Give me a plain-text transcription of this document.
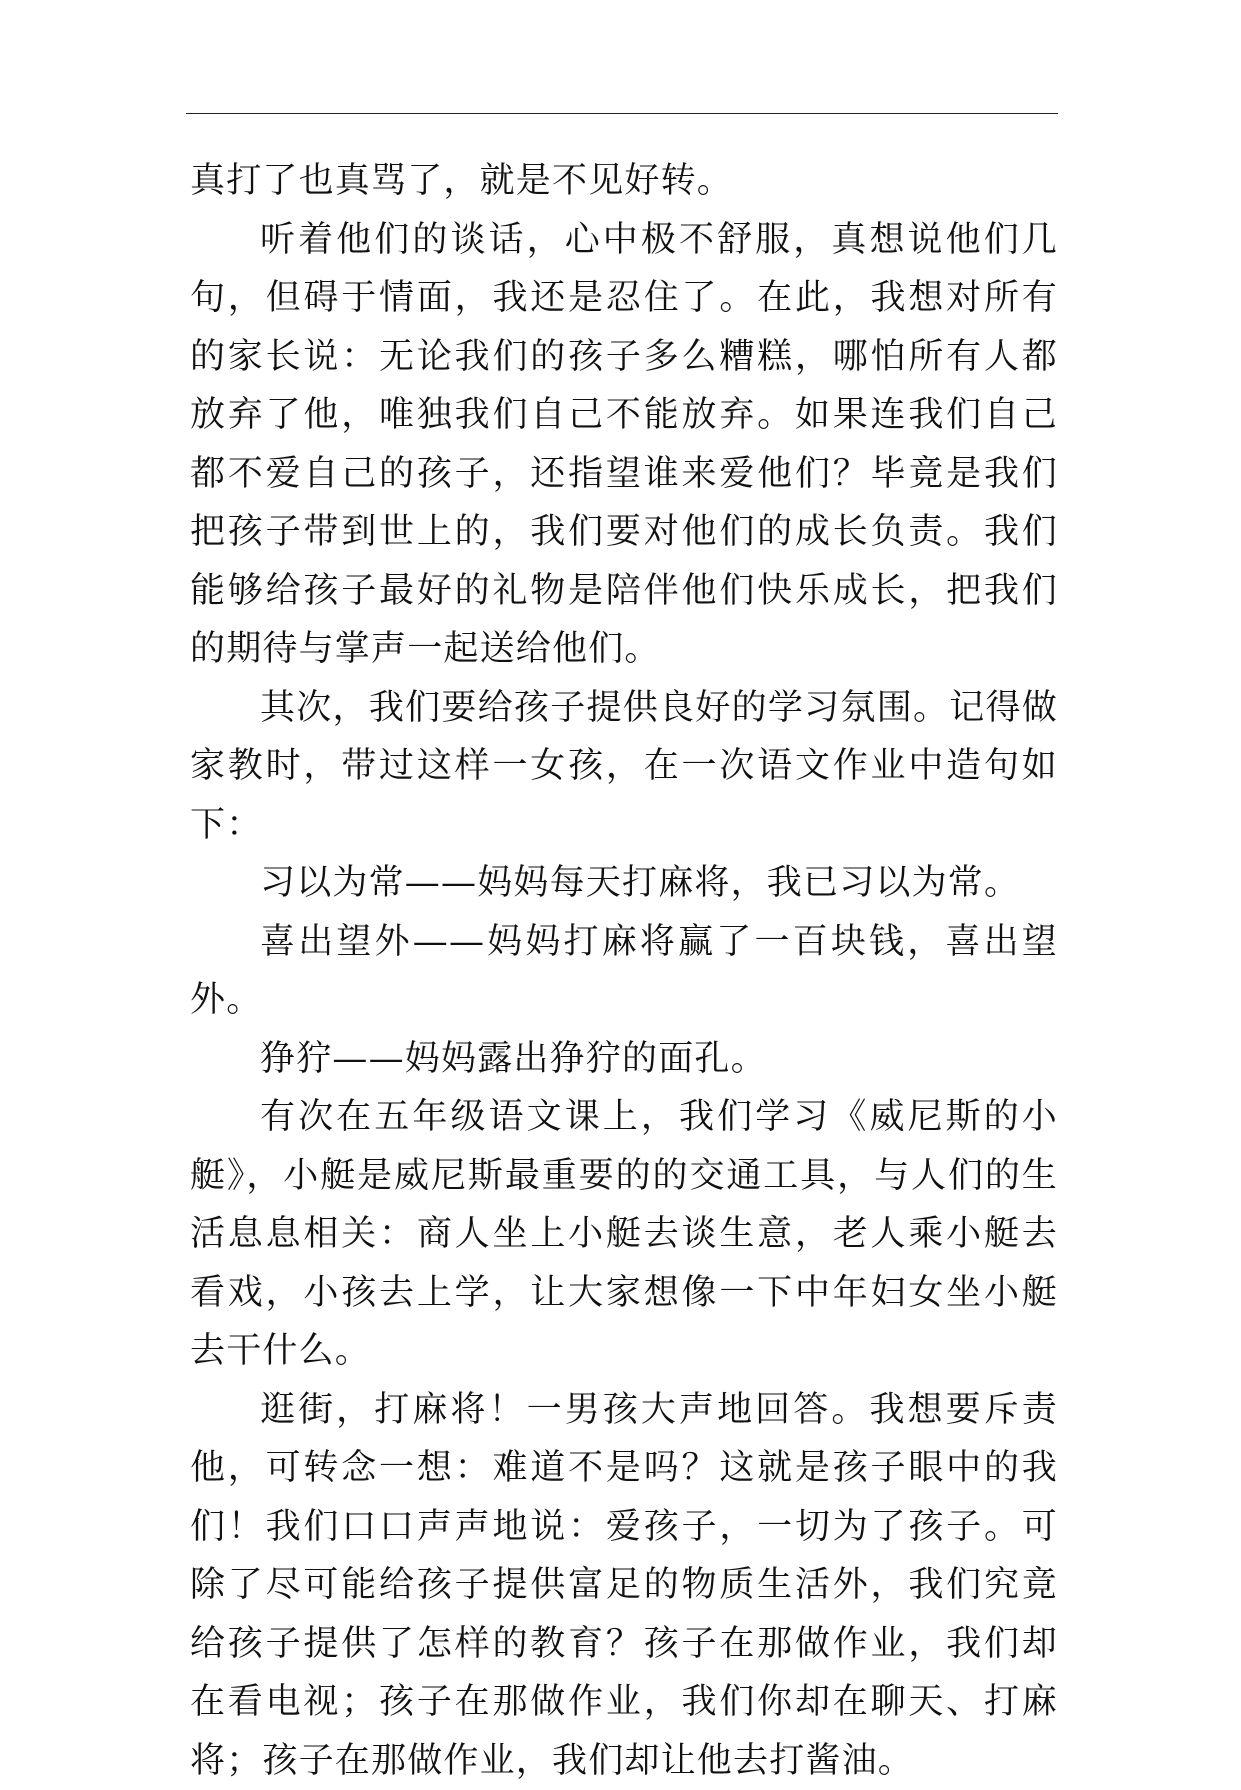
真打了也真骂了，就是不见好转。

听着他们的谈话，心中极不舒服，真想说他们几句，但碍于情面，我还是忍住了。在此，我想对所有的家长说：无论我们的孩子多么糟糕，哪怕所有人都放弃了他，唯独我们自己不能放弃。如果连我们自己都不爱自己的孩子，还指望谁来爱他们？毕竟是我们把孩子带到世上的，我们要对他们的成长负责。我们能够给孩子最好的礼物是陪伴他们快乐成长，把我们的期待与掌声一起送给他们。

其次，我们要给孩子提供良好的学习氛围。记得做家教时，带过这样一女孩，在一次语文作业中造句如下：

习以为常——妈妈每天打麻将，我已习以为常。

喜出望外——妈妈打麻将赢了一百块钱，喜出望外。

狰狞——妈妈露出狰狞的面孔。

有次在五年级语文课上，我们学习《威尼斯的小艇》，小艇是威尼斯最重要的的交通工具，与人们的生活息息相关：商人坐上小艇去谈生意，老人乘小艇去看戏，小孩去上学，让大家想像一下中年妇女坐小艇去干什么。

逛街，打麻将！一男孩大声地回答。我想要斥责他，可转念一想：难道不是吗？这就是孩子眼中的我们！我们口口声声地说：爱孩子，一切为了孩子。可除了尽可能给孩子提供富足的物质生活外，我们究竟给孩子提供了怎样的教育？孩子在那做作业，我们却在看电视；孩子在那做作业，我们你却在聊天、打麻将；孩子在那做作业，我们却让他去打酱油。
